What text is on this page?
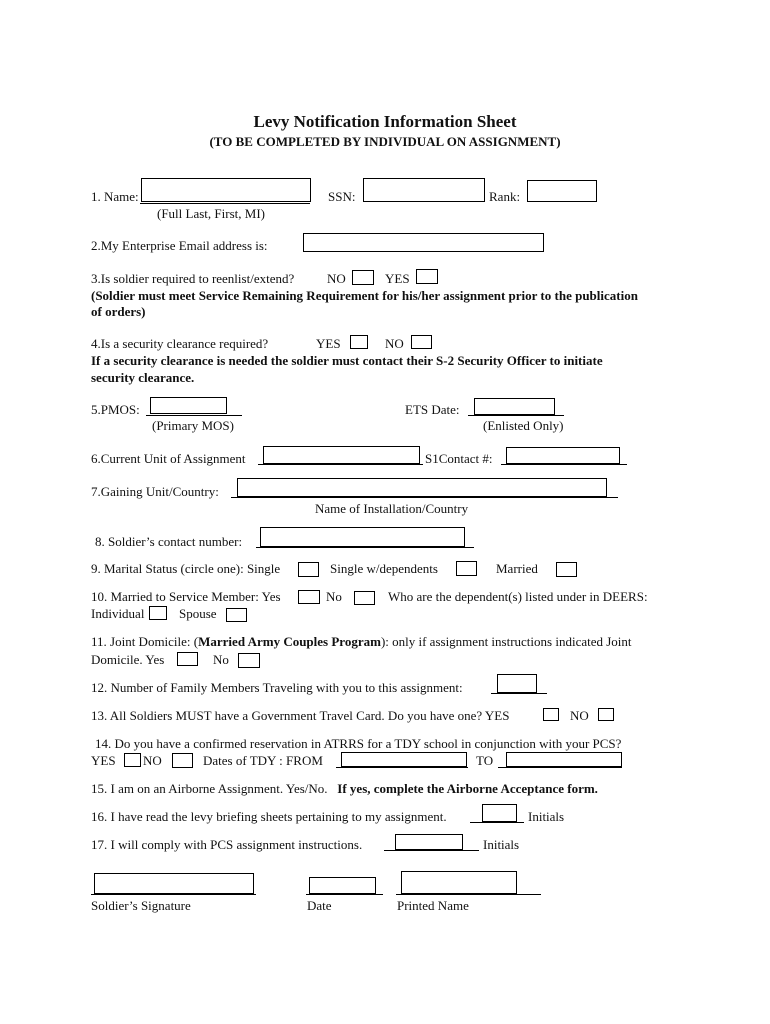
Levy Notification Information Sheet
(TO BE COMPLETED BY INDIVIDUAL ON ASSIGNMENT)
1. Name:
(Full Last, First, MI)
SSN:	Rank:
2.My Enterprise Email address is:
3.Is soldier required to reenlist/extend?	NO	YES
(Soldier must meet Service Remaining Requirement for his/her assignment prior to the publication
of orders)
4.Is a security clearance required?	YES	NO
If a security clearance is needed the soldier must contact their S-2 Security Officer to initiate
security clearance.
5.PMOS:
(Primary MOS)
ETS Date:
(Enlisted Only)
6.Current Unit of Assignment	S1Contact #:
7.Gaining Unit/Country:
Name of Installation/Country
8. Soldier’s contact number:
9. Marital Status (circle one): Single	Single w/dependents	Married
10. Married to Service Member: Yes	No	Who are the dependent(s) listed under in DEERS:
Individual	Spouse
11. Joint Domicile: (Married Army Couples Program): only if assignment instructions indicated Joint
Domicile. Yes	No
12. Number of Family Members Traveling with you to this assignment:
13. All Soldiers MUST have a Government Travel Card. Do you have one? YES	NO
14. Do you have a confirmed reservation in ATRRS for a TDY school in conjunction with your PCS?
YES NO	Dates of TDY : FROM	TO
15. I am on an Airborne Assignment. Yes/No. If yes, complete the Airborne Acceptance form.
16. I have read the levy briefing sheets pertaining to my assignment.	Initials
17. I will comply with PCS assignment instructions.	Initials
Soldier’s Signature	Date	Printed Name
